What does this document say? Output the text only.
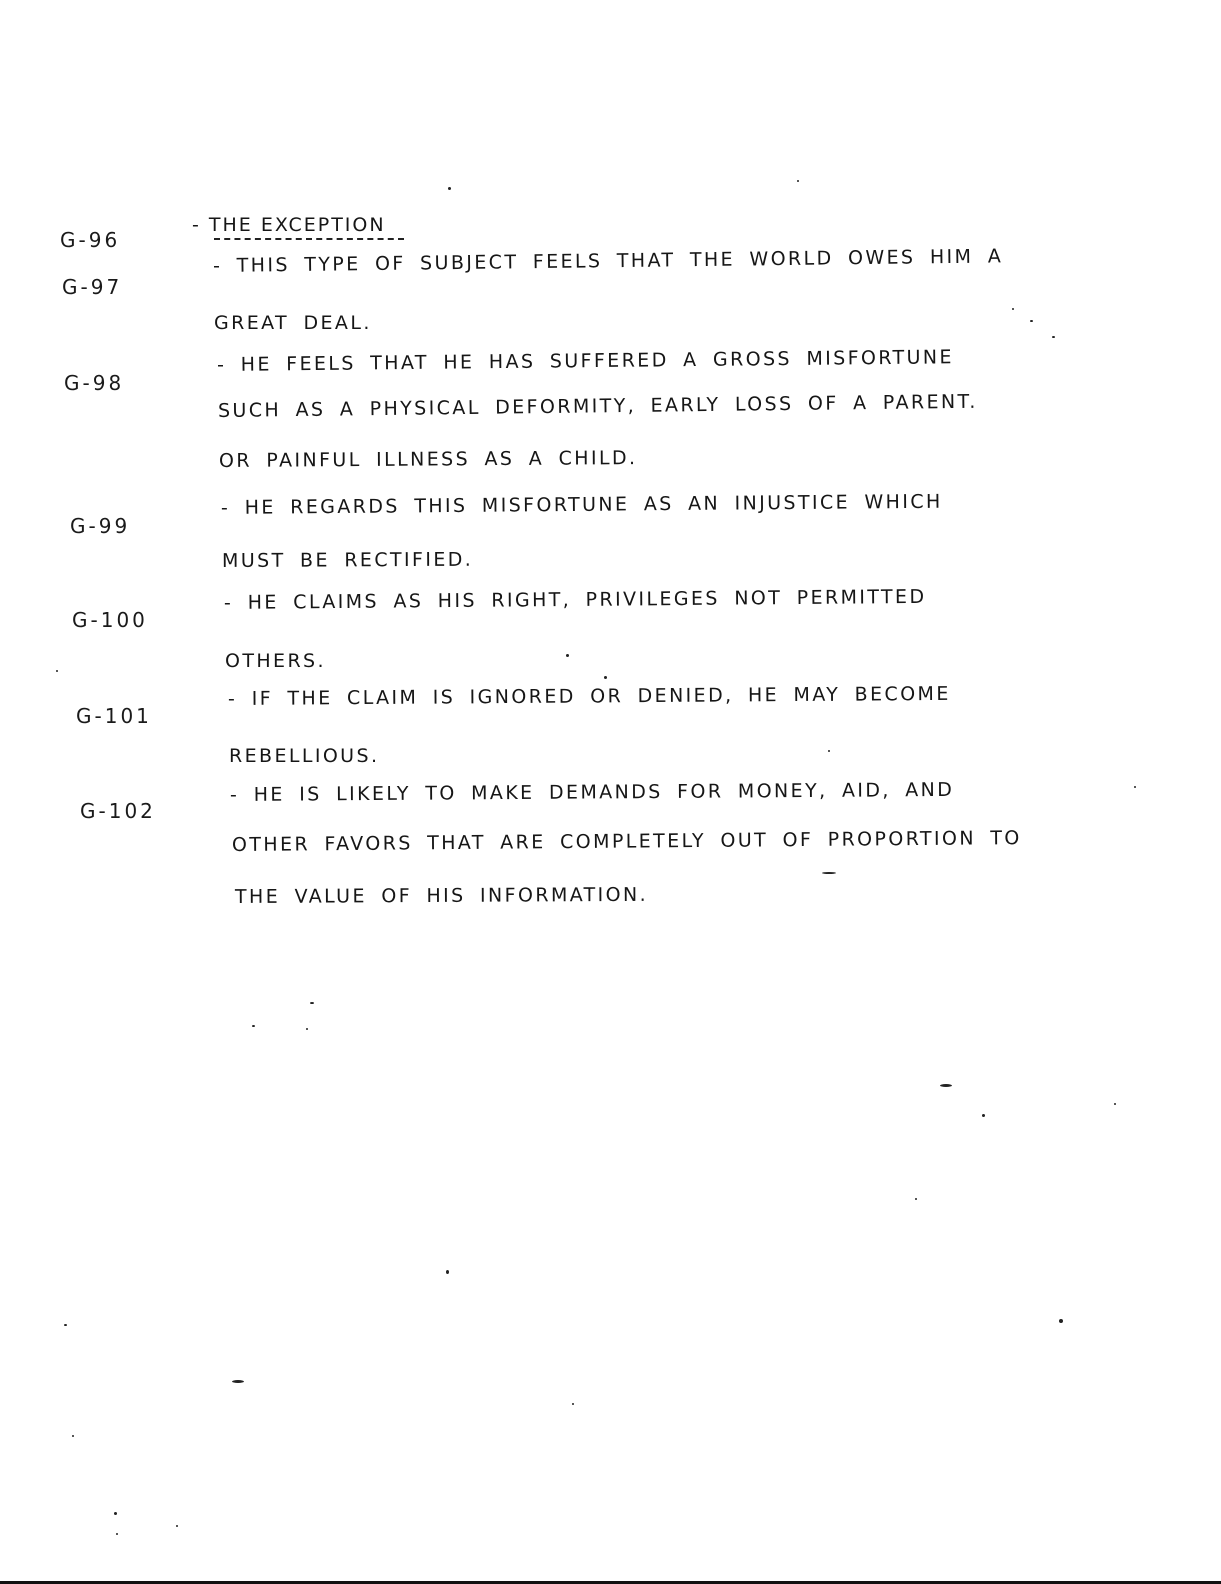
G-96
- THE EXCEPTION
G-97
- THIS TYPE OF SUBJECT FEELS THAT THE WORLD OWES HIM A
GREAT DEAL.
G-98
- HE FEELS THAT HE HAS SUFFERED A GROSS MISFORTUNE
SUCH AS A PHYSICAL DEFORMITY, EARLY LOSS OF A PARENT.
OR PAINFUL ILLNESS AS A CHILD.
G-99
- HE REGARDS THIS MISFORTUNE AS AN INJUSTICE WHICH
MUST BE RECTIFIED.
G-100
- HE CLAIMS AS HIS RIGHT, PRIVILEGES NOT PERMITTED
OTHERS.
G-101
- IF THE CLAIM IS IGNORED OR DENIED, HE MAY BECOME
REBELLIOUS.
G-102
- HE IS LIKELY TO MAKE DEMANDS FOR MONEY, AID, AND
OTHER FAVORS THAT ARE COMPLETELY OUT OF PROPORTION TO
THE VALUE OF HIS INFORMATION.
